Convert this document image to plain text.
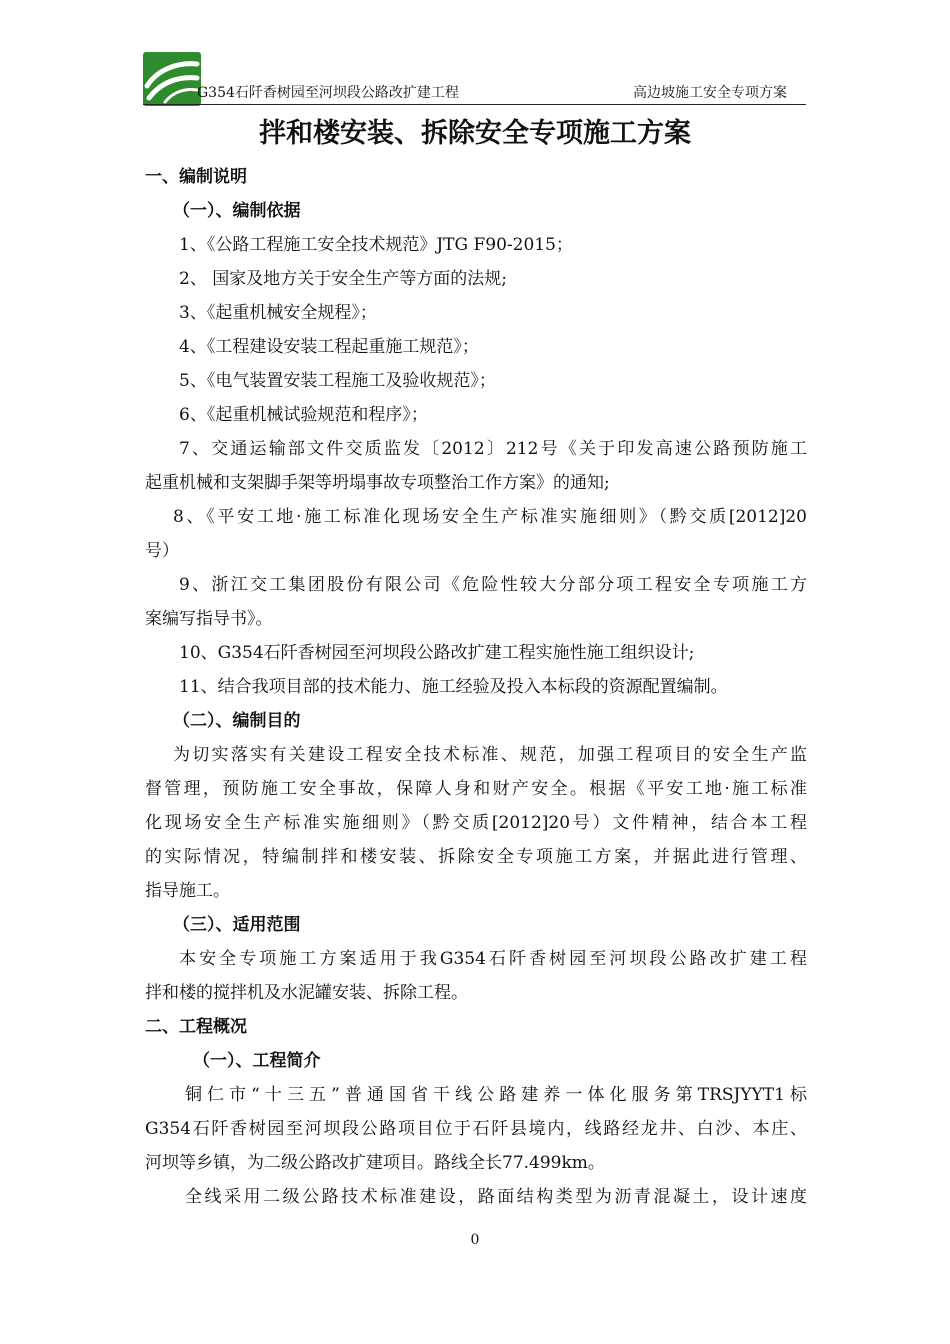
G354石阡香树园至河坝段公路改扩建工程	高边坡施工安全专项方案
拌和楼安装、拆除安全专项施工方案
一、编制说明
（一）、编制依据
1、《公路工程施工安全技术规范》JTG F90-2015；
2、 国家及地方关于安全生产等方面的法规;
3、《起重机械安全规程》；
4、《工程建设安装工程起重施工规范》；
5、《电气装置安装工程施工及验收规范》；
6、《起重机械试验规范和程序》；
7、交通运输部文件交质监发〔2012〕212号《关于印发高速公路预防施工
起重机械和支架脚手架等坍塌事故专项整治工作方案》的通知;
8、《平安工地·施工标准化现场安全生产标准实施细则》（黔交质[2012]20
号）
9、浙江交工集团股份有限公司《危险性较大分部分项工程安全专项施工方
案编写指导书》。
10、G354石阡香树园至河坝段公路改扩建工程实施性施工组织设计;
11、结合我项目部的技术能力、施工经验及投入本标段的资源配置编制。
（二）、编制目的
为切实落实有关建设工程安全技术标准、规范，加强工程项目的安全生产监
督管理，预防施工安全事故，保障人身和财产安全。根据《平安工地·施工标准
化现场安全生产标准实施细则》（黔交质[2012]20号）文件精神，结合本工程
的实际情况，特编制拌和楼安装、拆除安全专项施工方案，并据此进行管理、
指导施工。
（三）、适用范围
本安全专项施工方案适用于我G354石阡香树园至河坝段公路改扩建工程
拌和楼的搅拌机及水泥罐安装、拆除工程。
二、工程概况
（一）、工程简介
铜仁市“十三五”普通国省干线公路建养一体化服务第TRSJYYT1标
G354石阡香树园至河坝段公路项目位于石阡县境内，线路经龙井、白沙、本庄、
河坝等乡镇，为二级公路改扩建项目。路线全长77.499km。
全线采用二级公路技术标准建设，路面结构类型为沥青混凝土，设计速度
0
